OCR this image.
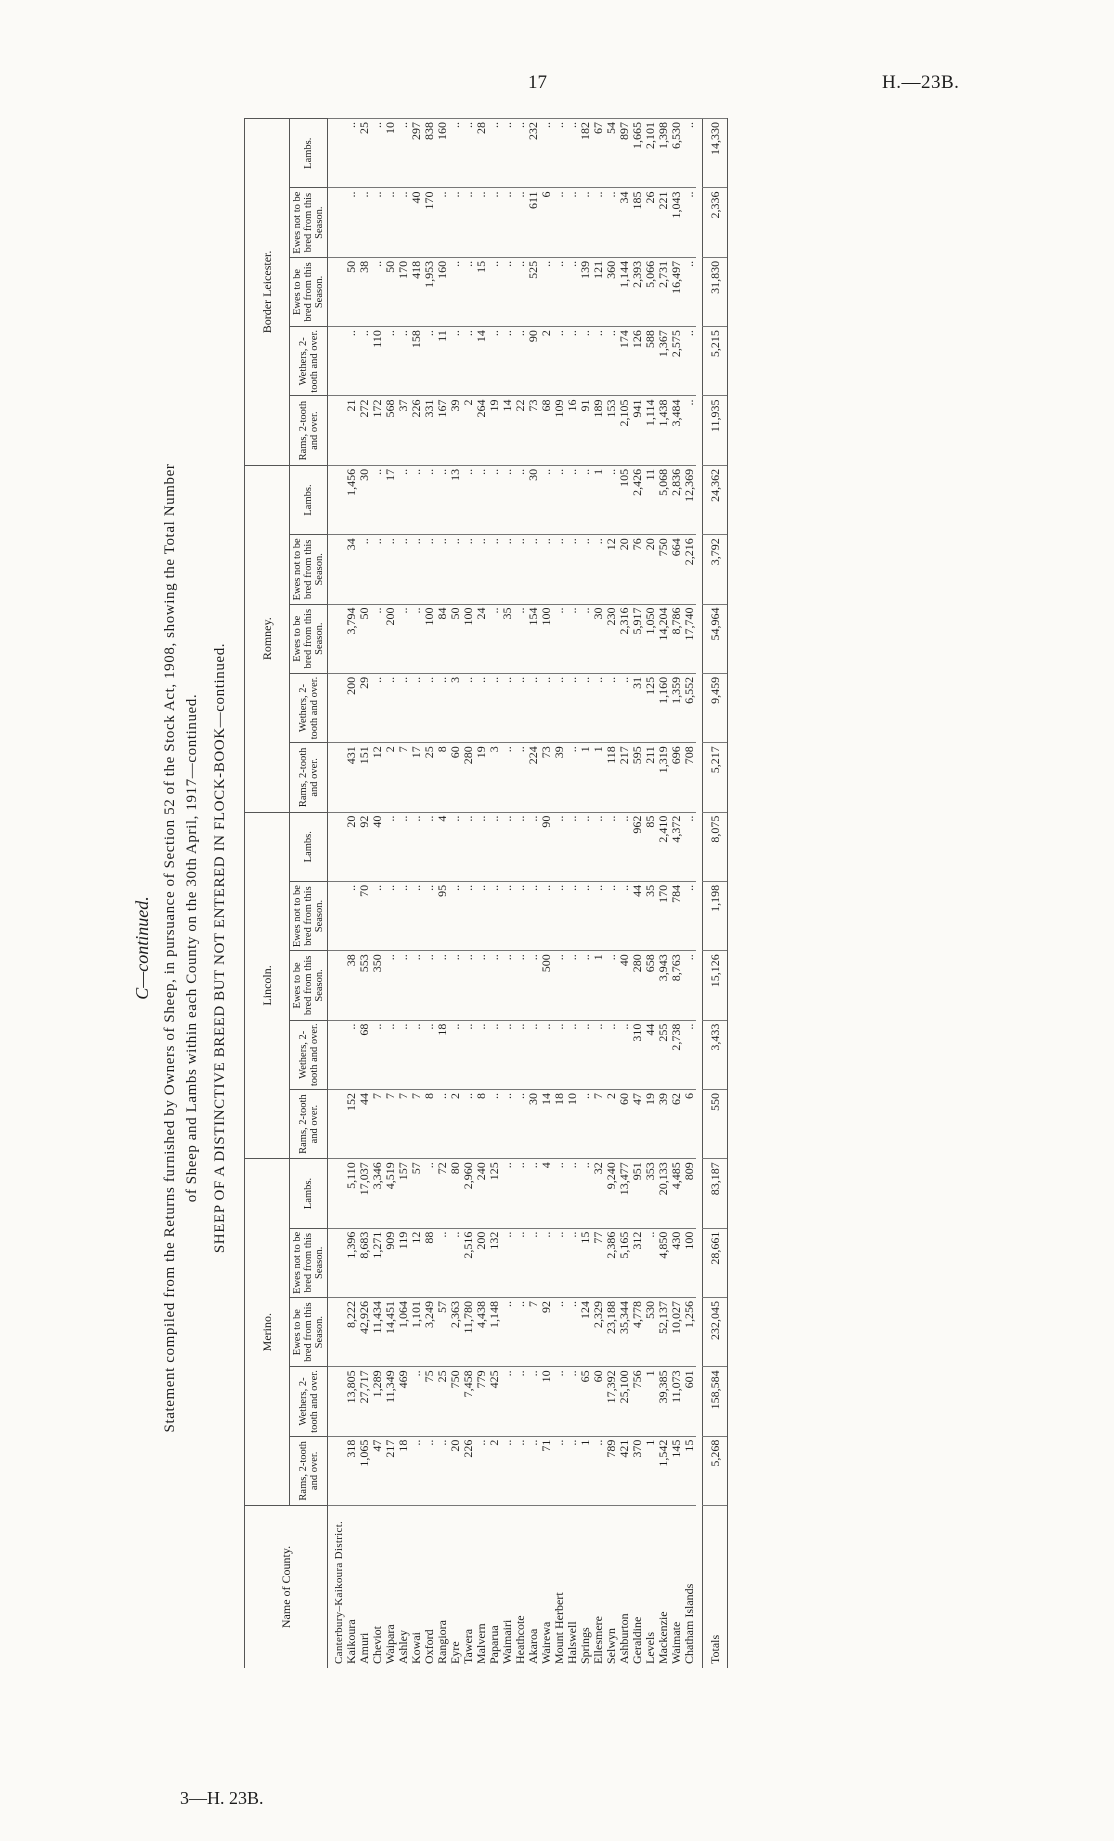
17	H.—23B.
3—H. 23B.
C—continued. Statement compiled from the Returns furnished by Owners of Sheep, in pursuance of Section 52 of the Stock Act, 1908, showing the Total Number of Sheep and Lambs within each County on the 30th April, 1917—continued. SHEEP OF A DISTINCTIVE BREED BUT NOT ENTERED IN FLOCK-BOOK—continued.
Name of County.	Merino.					Lincoln.					Romney.					Border Leicester.				
	Rams, 2-tooth and over.	Wethers, 2-tooth and over.	Ewes to be bred from this Season.	Ewes not to be bred from this Season.	Lambs.	Rams, 2-tooth and over.	Wethers, 2-tooth and over.	Ewes to be bred from this Season.	Ewes not to be bred from this Season.	Lambs.	Rams, 2-tooth and over.	Wethers, 2-tooth and over.	Ewes to be bred from this Season.	Ewes not to be bred from this Season.	Lambs.	Rams, 2-tooth and over.	Wethers, 2-tooth and over.	Ewes to be bred from this Season.	Ewes not to be bred from this Season.	Lambs.
Canterbury–Kaikoura District.																				
Kaikoura	318	13,805	8,222	1,396	5,110	152	..	38	..	20	431	200	3,794	34	1,456	21	..	50	..	..
Amuri	1,065	27,717	42,926	8,683	17,037	44	68	553	70	92	151	29	50	..	30	272	..	38	..	25
Cheviot	47	1,289	11,434	1,271	3,346	7	..	350	..	40	12	..	..	..	..	172	110	..	..	..
Waipara	217	11,349	14,451	909	4,519	7	..	..	..	..	2	..	200	..	17	568	..	50	..	10
Ashley	18	469	1,064	119	157	7	..	..	..	..	7	..	..	..	..	37	..	170	..	..
Kowai	..	..	1,101	12	57	7	..	..	..	..	17	..	..	..	..	226	158	418	40	297
Oxford	..	75	3,249	88	..	8	..	..	..	..	25	..	100	..	..	331	..	1,953	170	838
Rangiora	..	25	57	..	72	..	18	..	95	4	8	..	84	..	..	167	11	160	..	160
Eyre	20	750	2,363	..	80	2	..	..	..	..	60	3	50	..	13	39	..	..	..	..
Tawera	226	7,458	11,780	2,516	2,960	..	..	..	..	..	280	..	100	..	..	2	..	..	..	..
Malvern	..	779	4,438	200	240	8	..	..	..	..	19	..	24	..	..	264	14	15	..	28
Paparua	2	425	1,148	132	125	..	..	..	..	..	3	..	..	..	..	19	..	..	..	..
Waimairi	..	..	..	..	..	..	..	..	..	..	..	..	35	..	..	14	..	..	..	..
Heathcote	..	..	..	..	..	..	..	..	..	..	..	..	..	..	..	22	..	..	..	..
Akaroa	..	..	7	..	..	30	..	..	..	..	224	..	154	..	30	73	90	525	611	232
Wairewa	71	10	92	..	4	14	..	500	..	90	73	..	100	..	..	68	2	..	6	..
Mount Herbert	..	..	..	..	..	18	..	..	..	..	39	..	..	..	..	109	..	..	..	..
Halswell	..	..	..	..	..	10	..	..	..	..	..	..	..	..	..	16	..	..	..	..
Springs	1	65	124	15	..	..	..	..	..	..	1	..	..	..	..	91	..	139	..	182
Ellesmere	..	60	2,329	77	32	7	..	1	..	..	1	..	30	..	1	189	..	121	..	67
Selwyn	789	17,392	23,188	2,386	9,240	2	..	..	..	..	118	..	230	12	..	153	..	360	..	54
Ashburton	421	25,100	35,344	5,165	13,477	60	..	40	..	..	217	..	2,316	20	105	2,105	174	1,144	34	897
Geraldine	370	756	4,778	312	951	47	310	280	44	962	595	31	5,917	76	2,426	941	126	2,393	185	1,665
Levels	1	1	530	..	353	19	44	658	35	85	211	125	1,050	20	11	1,114	588	5,066	26	2,101
Mackenzie	1,542	39,385	52,137	4,850	20,133	39	255	3,943	170	2,410	1,319	1,160	14,204	750	5,068	1,438	1,367	2,731	221	1,398
Waimate	145	11,073	10,027	430	4,485	62	2,738	8,763	784	4,372	696	1,359	8,786	664	2,836	3,484	2,575	16,497	1,043	6,530
Chatham Islands	15	601	1,256	100	809	6	..	..	..	..	708	6,552	17,740	2,216	12,369	..	..	..	..	..

Totals	5,268	158,584	232,045	28,661	83,187	550	3,433	15,126	1,198	8,075	5,217	9,459	54,964	3,792	24,362	11,935	5,215	31,830	2,336	14,330
